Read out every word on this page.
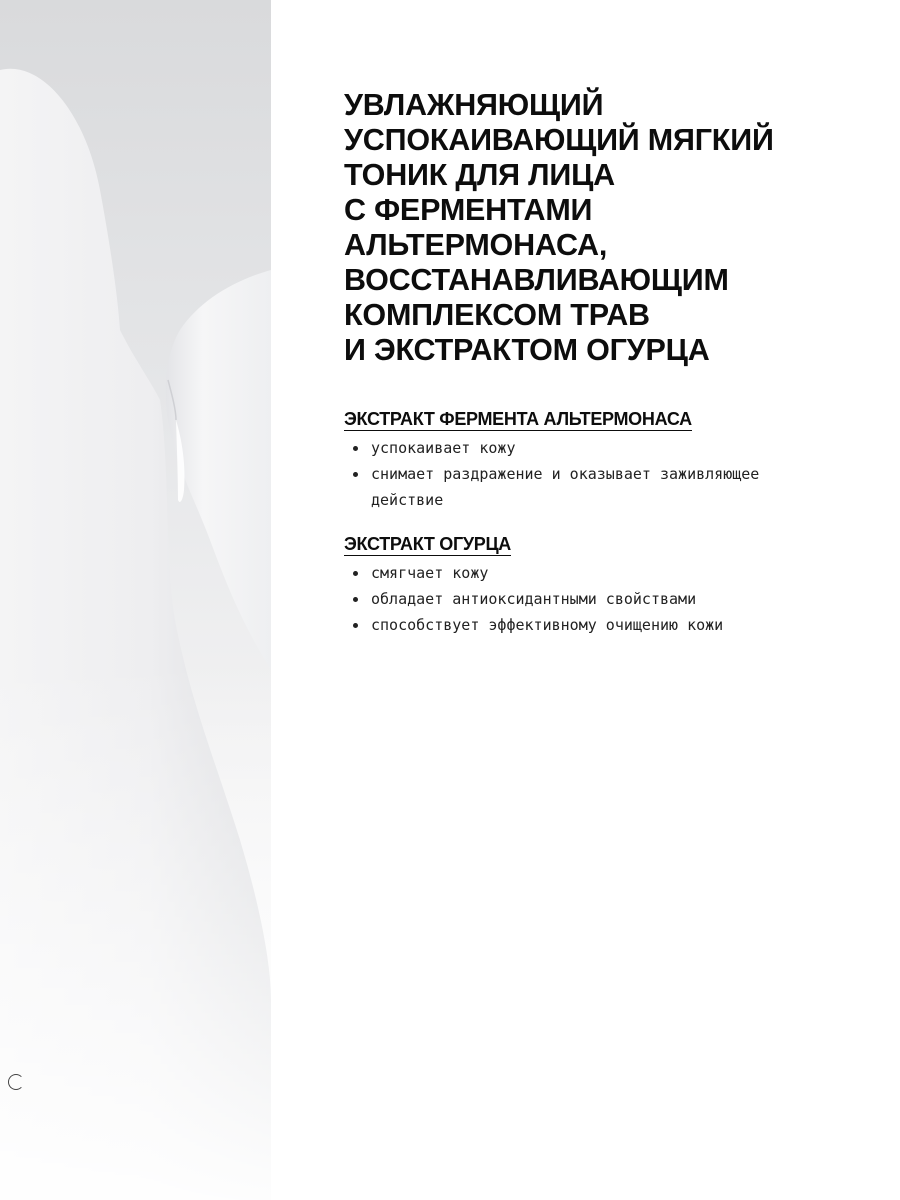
УВЛАЖНЯЮЩИЙ
УСПОКАИВАЮЩИЙ МЯГКИЙ
ТОНИК ДЛЯ ЛИЦА
С ФЕРМЕНТАМИ
АЛЬТЕРМОНАСА,
ВОССТАНАВЛИВАЮЩИМ
КОМПЛЕКСОМ ТРАВ
И ЭКСТРАКТОМ ОГУРЦА
ЭКСТРАКТ ФЕРМЕНТА АЛЬТЕРМОНАСА
успокаивает кожу
снимает раздражение и оказывает заживляющее действие
ЭКСТРАКТ ОГУРЦА
смягчает кожу
обладает антиоксидантными свойствами
способствует эффективному очищению кожи
